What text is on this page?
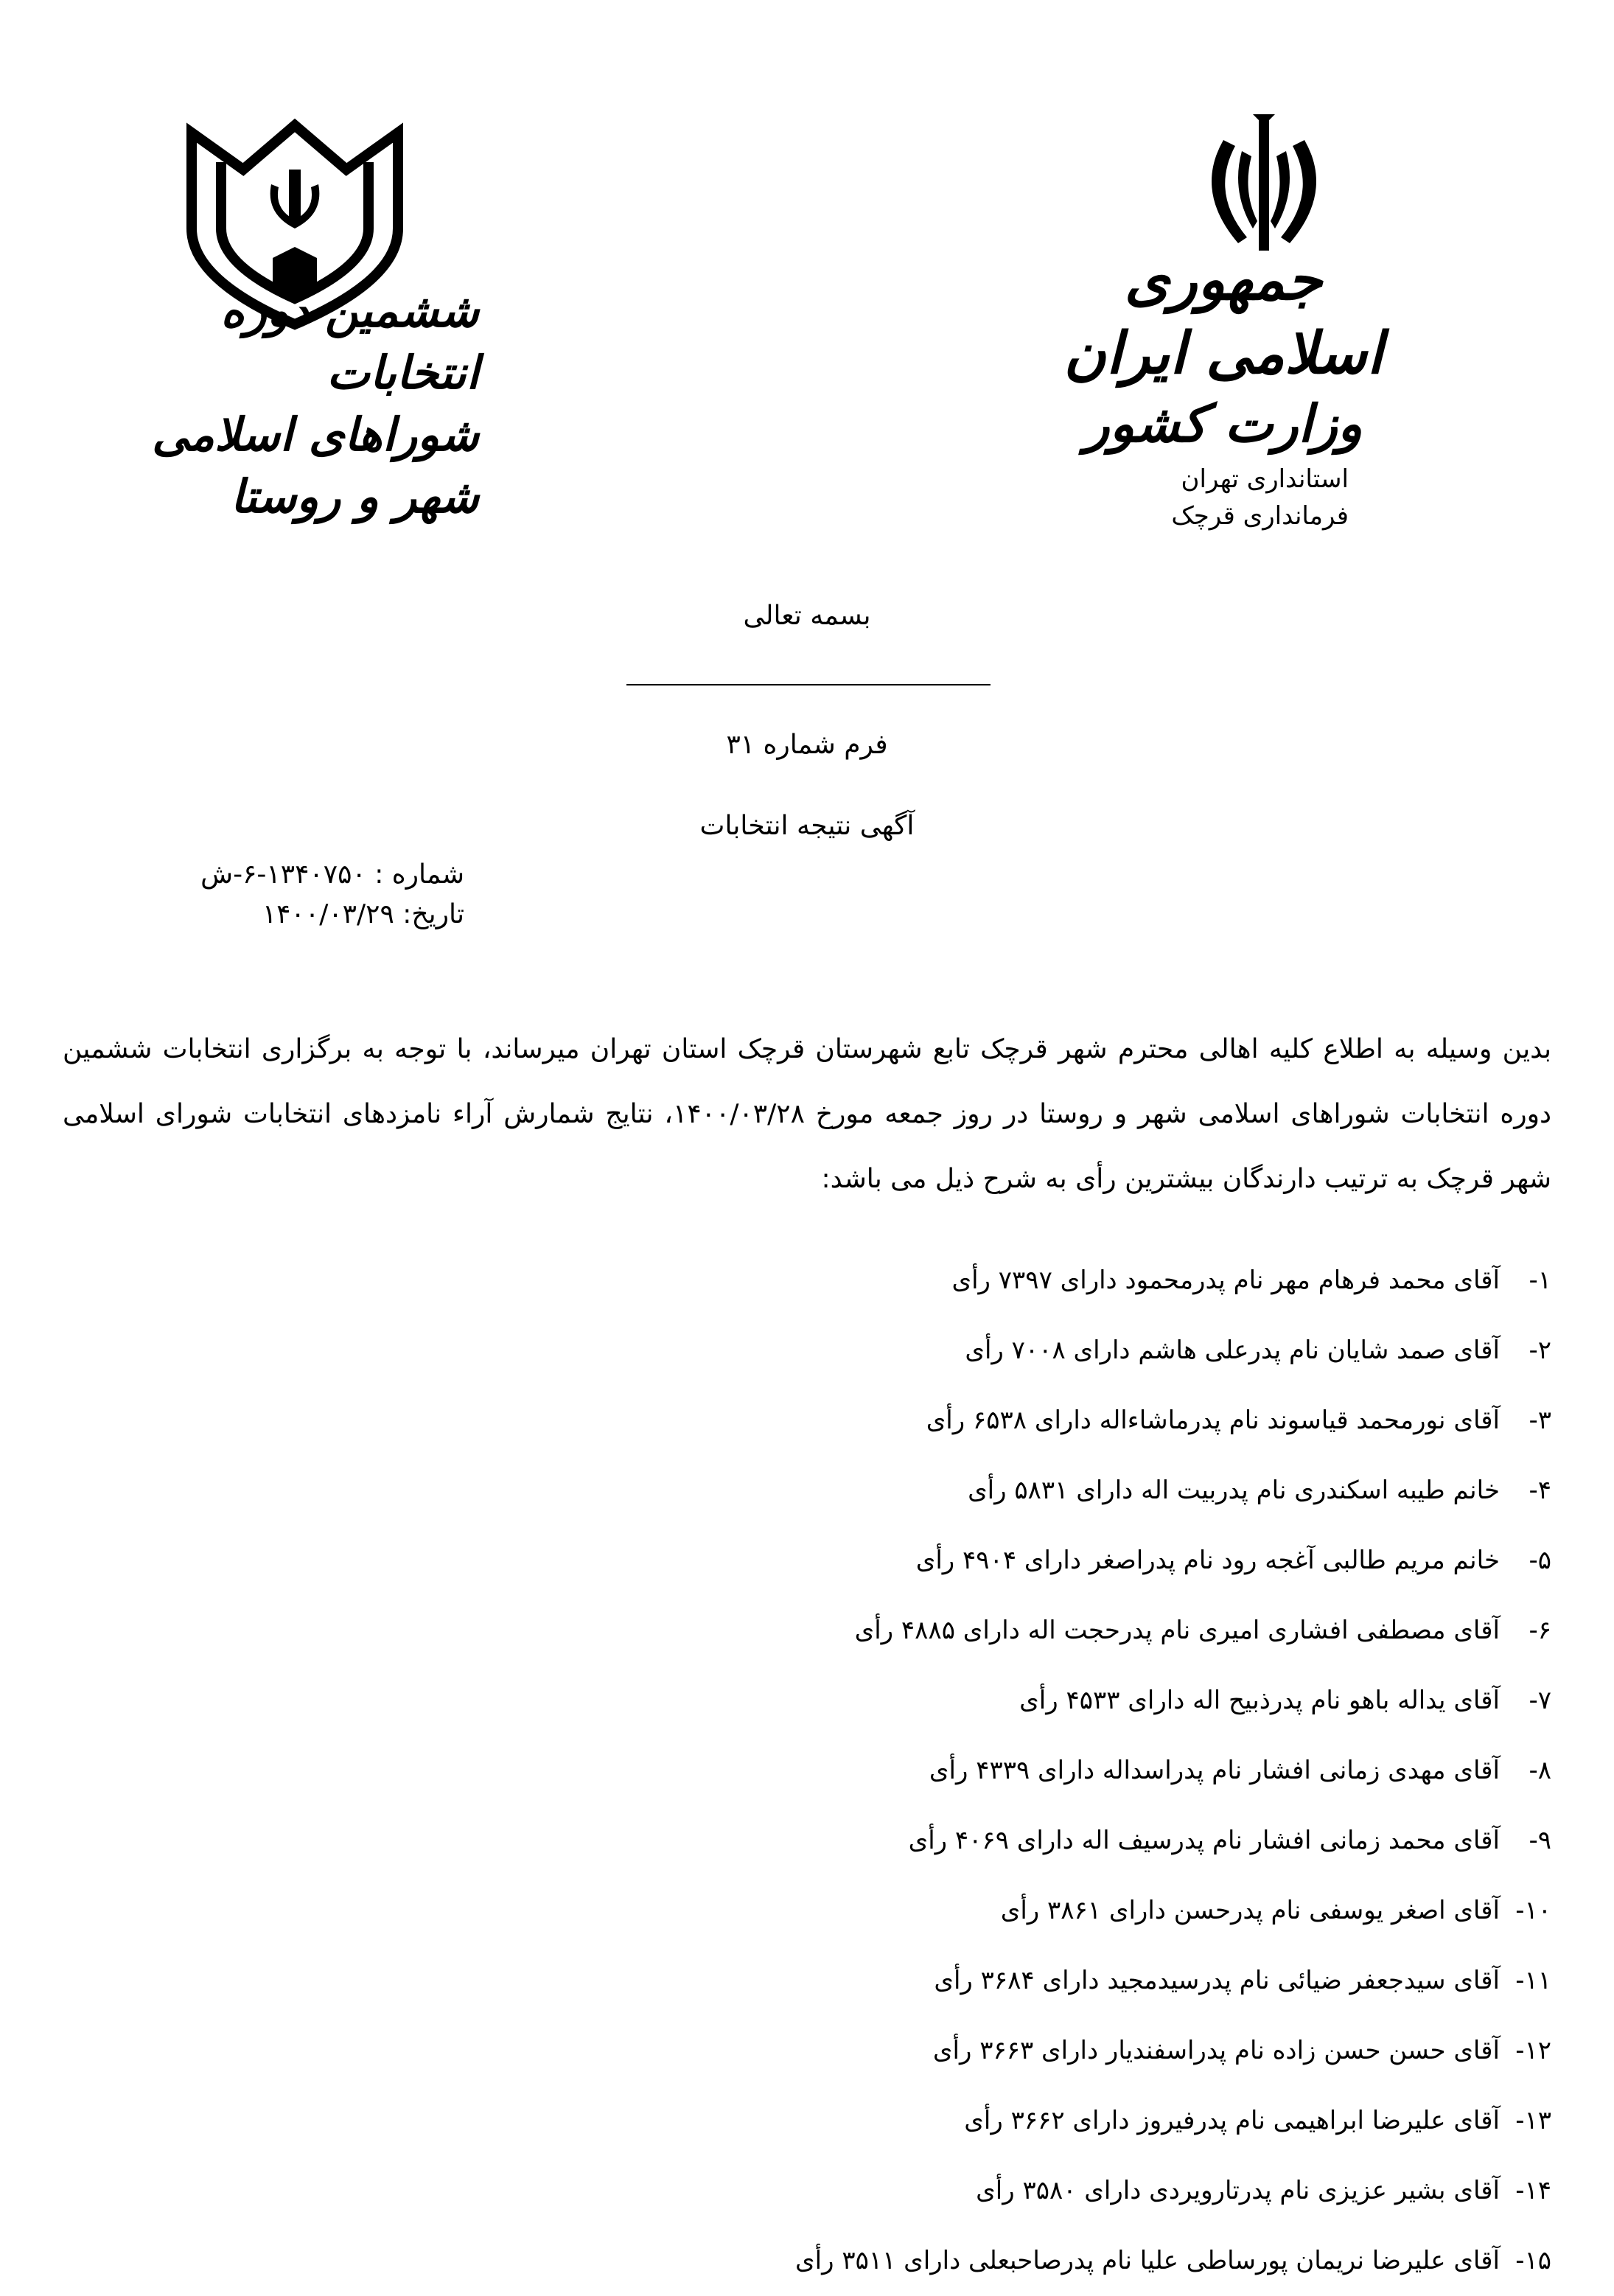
ششمین دوره انتخابات
شوراهای اسلامی شهر و روستا
جمهوری اسلامی ایران
وزارت کشور
استانداری تهران
فرمانداری قرچک
بسمه تعالی
فرم شماره ۳۱
آگهی نتیجه انتخابات
شماره : ۱۳۴۰۷۵۰-۶-ش
تاریخ: ۱۴۰۰/۰۳/۲۹

بدین وسیله به اطلاع کلیه اهالی محترم شهر قرچک تابع شهرستان قرچک استان تهران میرساند، با توجه به برگزاری انتخابات ششمین دوره انتخابات شوراهای اسلامی شهر و روستا در روز جمعه مورخ ۱۴۰۰/۰۳/۲۸، نتایج شمارش آراء نامزدهای انتخابات شورای اسلامی شهر قرچک به ترتیب دارندگان بیشترین رأی به شرح ذیل می باشد:

۱-آقای محمد فرهام مهر نام پدرمحمود دارای ۷۳۹۷ رأی
۲-آقای صمد شایان نام پدرعلی هاشم دارای ۷۰۰۸ رأی
۳-آقای نورمحمد قیاسوند نام پدرماشاءاله دارای ۶۵۳۸ رأی
۴-خانم طیبه اسکندری نام پدربیت اله دارای ۵۸۳۱ رأی
۵-خانم مریم طالبی آغجه رود نام پدراصغر دارای ۴۹۰۴ رأی
۶-آقای مصطفی افشاری امیری نام پدرحجت اله دارای ۴۸۸۵ رأی
۷-آقای یداله باهو نام پدرذبیح اله دارای ۴۵۳۳ رأی
۸-آقای مهدی زمانی افشار نام پدراسداله دارای ۴۳۳۹ رأی
۹-آقای محمد زمانی افشار نام پدرسیف اله دارای ۴۰۶۹ رأی
۱۰-آقای اصغر یوسفی نام پدرحسن دارای ۳۸۶۱ رأی
۱۱-آقای سیدجعفر ضیائی نام پدرسیدمجید دارای ۳۶۸۴ رأی
۱۲-آقای حسن حسن زاده نام پدراسفندیار دارای ۳۶۶۳ رأی
۱۳-آقای علیرضا ابراهیمی نام پدرفیروز دارای ۳۶۶۲ رأی
۱۴-آقای بشیر عزیزی نام پدرتارویردی دارای ۳۵۸۰ رأی
۱۵-آقای علیرضا نریمان پورساطی علیا نام پدرصاحبعلی دارای ۳۵۱۱ رأی
